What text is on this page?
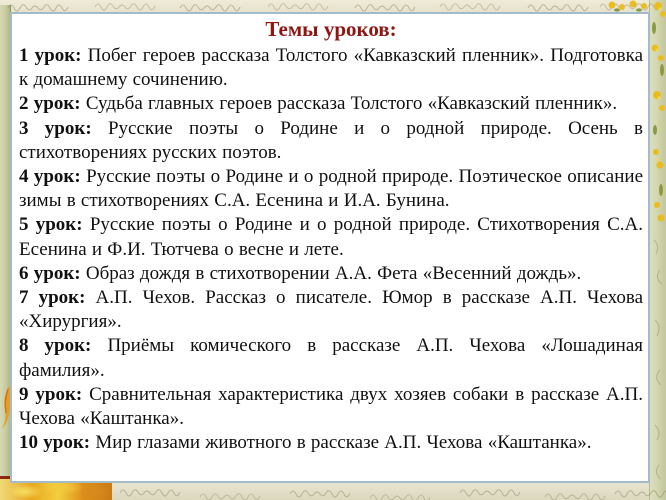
Темы уроков:

1 урок: Побег героев рассказа Толстого «Кавказский пленник». Подготовка к домашнему сочинению.

2 урок: Судьба главных героев рассказа Толстого «Кавказский пленник».

3 урок: Русские поэты о Родине и о родной природе. Осень в стихотворениях русских поэтов.

4 урок: Русские поэты о Родине и о родной природе. Поэтическое описание зимы в стихотворениях С.А. Есенина и И.А. Бунина.

5 урок: Русские поэты о Родине и о родной природе. Стихотворения С.А. Есенина и Ф.И. Тютчева о весне и лете.

6 урок: Образ дождя в стихотворении А.А. Фета «Весенний дождь».

7 урок: А.П. Чехов. Рассказ о писателе. Юмор в рассказе А.П. Чехова «Хирургия».

8 урок: Приёмы комического в рассказе А.П. Чехова «Лошадиная фамилия».

9 урок: Сравнительная характеристика двух хозяев собаки в рассказе А.П. Чехова «Каштанка».

10 урок: Мир глазами животного в рассказе А.П. Чехова «Каштанка».
